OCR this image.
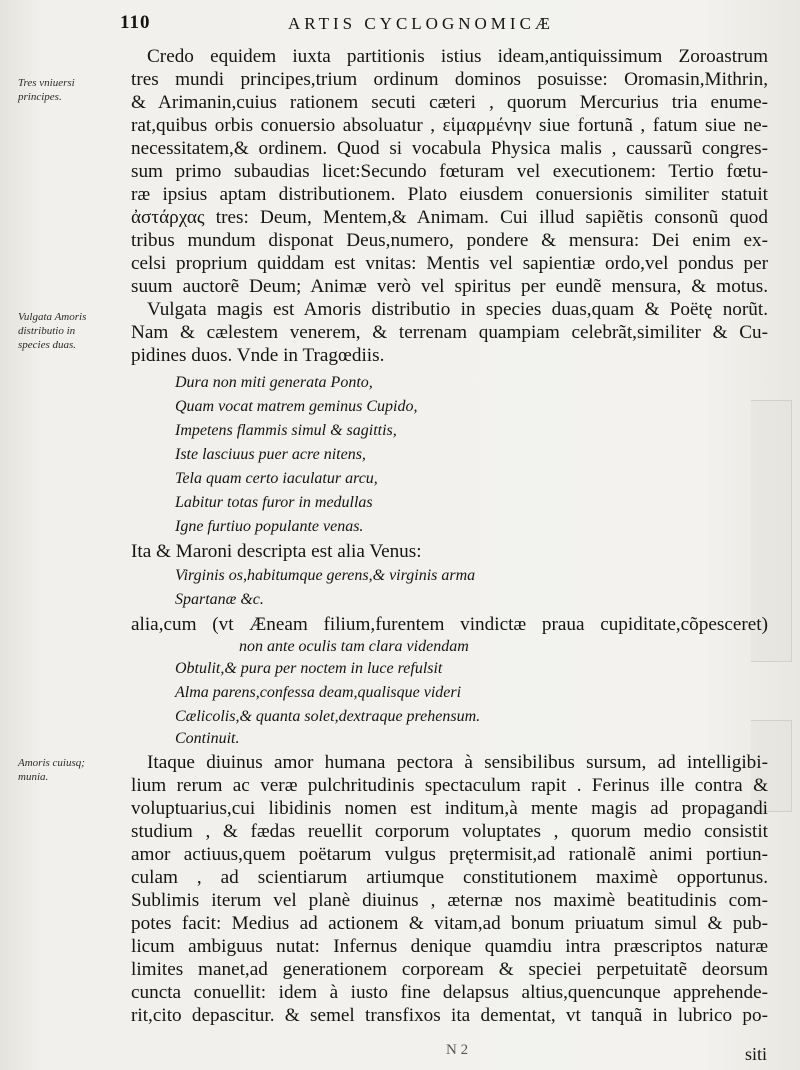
110	ARTIS CYCLOGNOMICÆ
Tres vniuersi
principes.
Vulgata Amoris
distributio in
species duas.
Amoris cuiusq;
munia.
Credo equidem iuxta partitionis istius ideam,antiquissimum Zoroastrum
tres mundi principes,trium ordinum dominos posuisse: Oromasin,Mithrin,
& Arimanin,cuius rationem secuti cæteri , quorum Mercurius tria enume-
rat,quibus orbis conuersio absoluatur , εἱμαρμένην siue fortunã , fatum siue ne-
necessitatem,& ordinem. Quod si vocabula Physica malis , caussarũ congres-
sum primo subaudias licet:Secundo fœturam vel executionem: Tertio fœtu-
ræ ipsius aptam distributionem. Plato eiusdem conuersionis similiter statuit
ἀστάρχας tres: Deum, Mentem,& Animam. Cui illud sapiẽtis consonũ quod
tribus mundum disponat Deus,numero, pondere & mensura: Dei enim ex-
celsi proprium quiddam est vnitas: Mentis vel sapientiæ ordo,vel pondus per
suum auctorẽ Deum; Animæ verò vel spiritus per eundẽ mensura, & motus.
Vulgata magis est Amoris distributio in species duas,quam & Poëtę norũt.
Nam & cælestem venerem, & terrenam quampiam celebrãt,similiter & Cu-
pidines duos. Vnde in Tragœdiis.
Dura non miti generata Ponto,
Quam vocat matrem geminus Cupido,
Impetens flammis simul & sagittis,
Iste lasciuus puer acre nitens,
Tela quam certo iaculatur arcu,
Labitur totas furor in medullas
Igne furtiuo populante venas.
Ita & Maroni descripta est alia Venus:
Virginis os,habitumque gerens,& virginis arma
Spartanæ &c.
alia,cum (vt Æneam filium,furentem vindictæ praua cupiditate,cõpesceret)
non ante oculis tam clara videndam
Obtulit,& pura per noctem in luce refulsit
Alma parens,confessa deam,qualisque videri
Cælicolis,& quanta solet,dextraque prehensum.
Continuit.
Itaque diuinus amor humana pectora à sensibilibus sursum, ad intelligibi-
lium rerum ac veræ pulchritudinis spectaculum rapit . Ferinus ille contra &
voluptuarius,cui libidinis nomen est inditum,à mente magis ad propagandi
studium , & fædas reuellit corporum voluptates , quorum medio consistit
amor actiuus,quem poëtarum vulgus prętermisit,ad rationalẽ animi portiun-
culam , ad scientiarum artiumque constitutionem maximè opportunus.
Sublimis iterum vel planè diuinus , æternæ nos maximè beatitudinis com-
potes facit: Medius ad actionem & vitam,ad bonum priuatum simul & pub-
licum ambiguus nutat: Infernus denique quamdiu intra præscriptos naturæ
limites manet,ad generationem corpoream & speciei perpetuitatẽ deorsum
cuncta conuellit: idem à iusto fine delapsus altius,quencunque apprehende-
rit,cito depascitur. & semel transfixos ita dementat, vt tanquã in lubrico po-
N 2	siti
